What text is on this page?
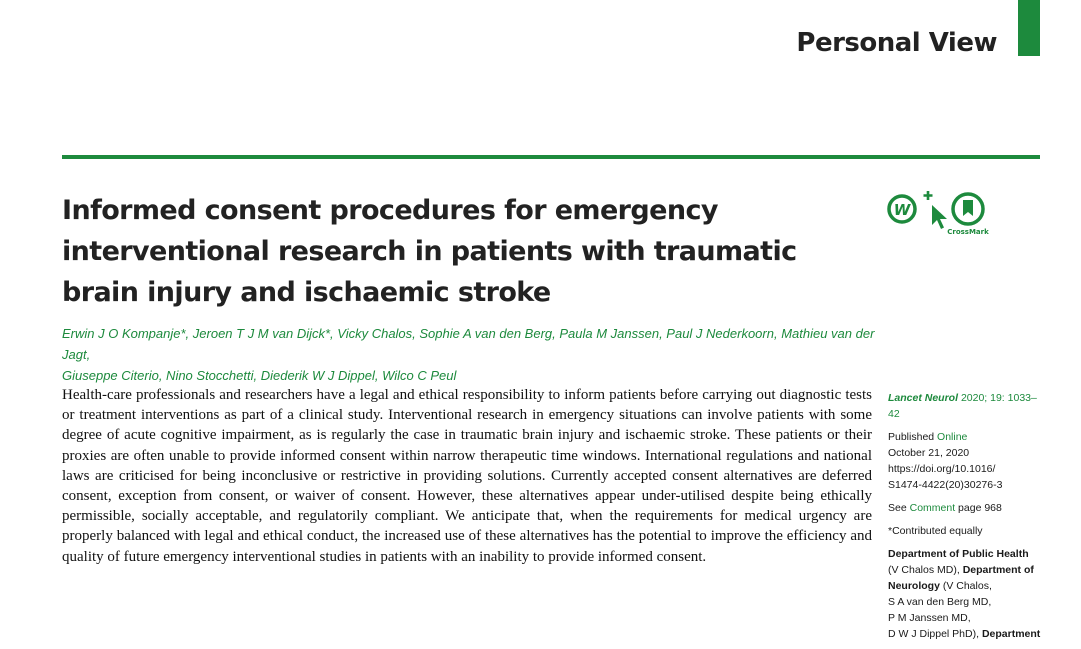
Personal View
Informed consent procedures for emergency interventional research in patients with traumatic brain injury and ischaemic stroke
W
CrossMark

Erwin J O Kompanje*, Jeroen T J M van Dijck*, Vicky Chalos, Sophie A van den Berg, Paula M Janssen, Paul J Nederkoorn, Mathieu van der Jagt,
Giuseppe Citerio, Nino Stocchetti, Diederik W J Dippel, Wilco C Peul

Health-care professionals and researchers have a legal and ethical responsibility to inform patients before carrying out diagnostic tests or treatment interventions as part of a clinical study. Interventional research in emergency situations can involve patients with some degree of acute cognitive impairment, as is regularly the case in traumatic brain injury and ischaemic stroke. These patients or their proxies are often unable to provide informed consent within narrow therapeutic time windows. International regulations and national laws are criticised for being inconclusive or restrictive in providing solutions. Currently accepted consent alternatives are deferred consent, exception from consent, or waiver of consent. However, these alternatives appear under-utilised despite being ethically permissible, socially acceptable, and regulatorily compliant. We anticipate that, when the requirements for medical urgency are properly balanced with legal and ethical conduct, the increased use of these alternatives has the potential to improve the efficiency and quality of future emergency interventional studies in patients with an inability to provide informed consent.

Lancet Neurol 2020; 19: 1033–42

Published Online
October 21, 2020
https://doi.org/10.1016/
S1474-4422(20)30276-3

See Comment page 968

*Contributed equally

Department of Public Health
(V Chalos MD), Department of
Neurology (V Chalos,
S A van den Berg MD,
P M Janssen MD,
D W J Dippel PhD), Department
